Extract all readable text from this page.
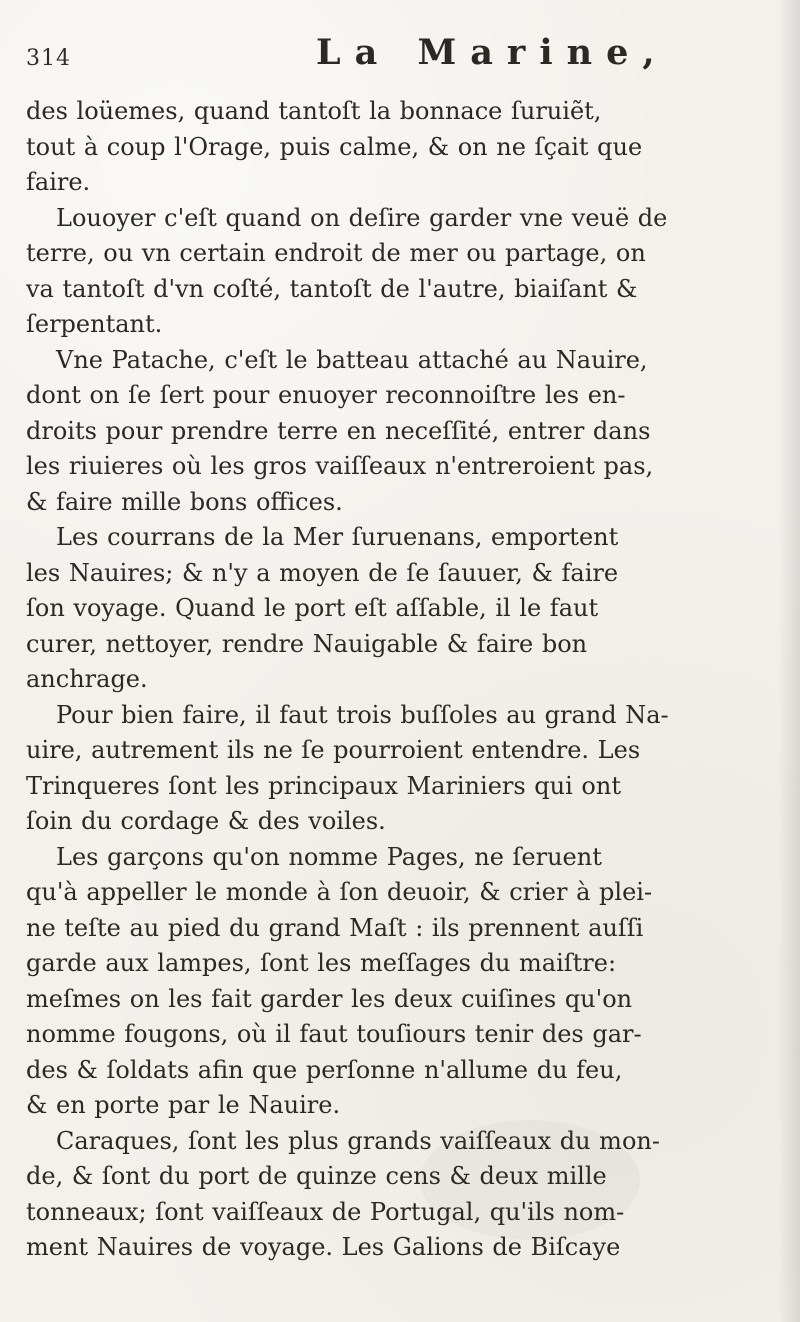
314	La Marine,
des loüemes, quand tantoſt la bonnace ſuruiẽt,
tout à coup l'Orage, puis calme, & on ne ſçait que
faire.
Louoyer c'eſt quand on deſire garder vne veuë de
terre, ou vn certain endroit de mer ou partage, on
va tantoſt d'vn coſté, tantoſt de l'autre, biaiſant &
ſerpentant.
Vne Patache, c'eſt le batteau attaché au Nauire,
dont on ſe ſert pour enuoyer reconnoiſtre les en-
droits pour prendre terre en neceſſité, entrer dans
les riuieres où les gros vaiſſeaux n'entreroient pas,
& faire mille bons offices.
Les courrans de la Mer ſuruenans, emportent
les Nauires; & n'y a moyen de ſe ſauuer, & faire
ſon voyage. Quand le port eſt aſſable, il le faut
curer, nettoyer, rendre Nauigable & faire bon
anchrage.
Pour bien faire, il faut trois buſſoles au grand Na-
uire, autrement ils ne ſe pourroient entendre. Les
Trinqueres ſont les principaux Mariniers qui ont
ſoin du cordage & des voiles.
Les garçons qu'on nomme Pages, ne ſeruent
qu'à appeller le monde à ſon deuoir, & crier à plei-
ne teſte au pied du grand Maſt : ils prennent auſſi
garde aux lampes, ſont les meſſages du maiſtre:
meſmes on les fait garder les deux cuiſines qu'on
nomme fougons, où il faut touſiours tenir des gar-
des & ſoldats afin que perſonne n'allume du feu,
& en porte par le Nauire.
Caraques, ſont les plus grands vaiſſeaux du mon-
de, & ſont du port de quinze cens & deux mille
tonneaux; ſont vaiſſeaux de Portugal, qu'ils nom-
ment Nauires de voyage. Les Galions de Biſcaye
